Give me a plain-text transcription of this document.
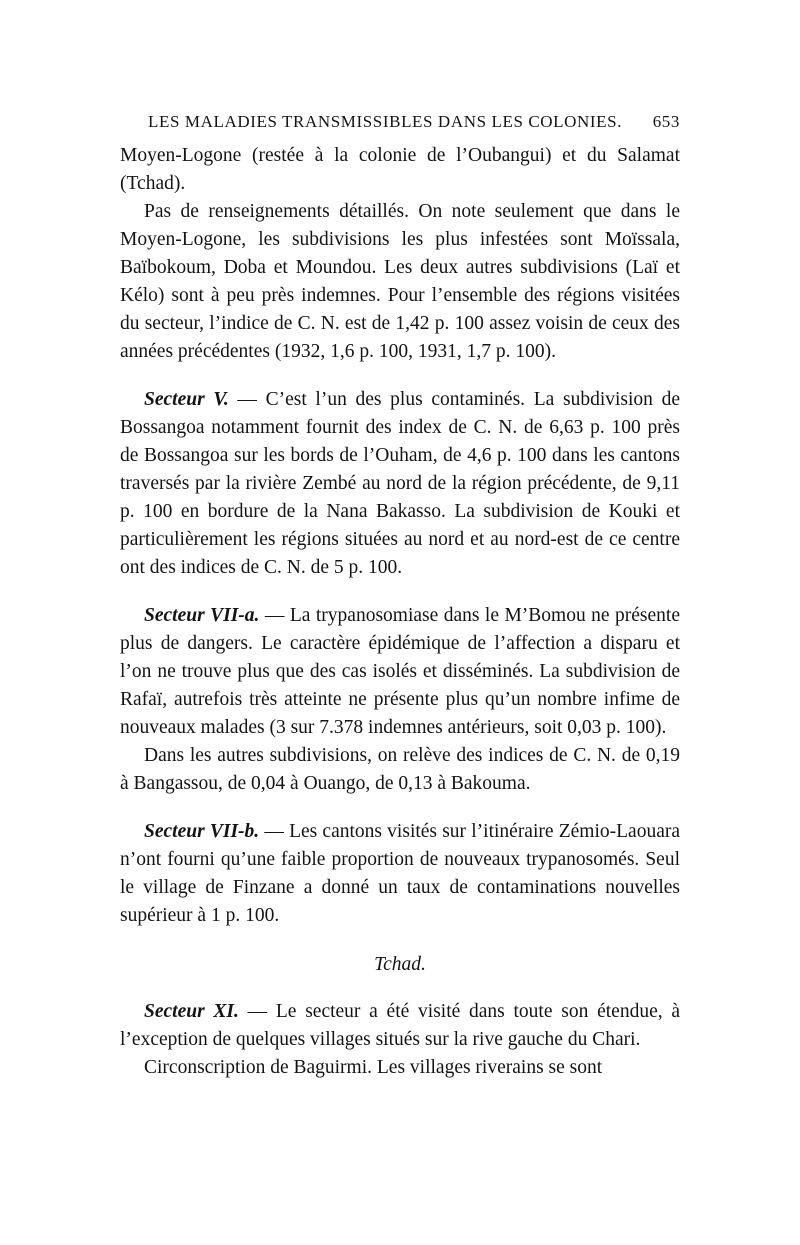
LES MALADIES TRANSMISSIBLES DANS LES COLONIES. 653

Moyen-Logone (restée à la colonie de l’Oubangui) et du Salamat (Tchad).

Pas de renseignements détaillés. On note seulement que dans le Moyen-Logone, les subdivisions les plus infestées sont Moïssala, Baïbokoum, Doba et Moundou. Les deux autres subdivisions (Laï et Kélo) sont à peu près indemnes. Pour l’ensemble des régions visitées du secteur, l’indice de C. N. est de 1,42 p. 100 assez voisin de ceux des années précédentes (1932, 1,6 p. 100, 1931, 1,7 p. 100).

Secteur V. — C’est l’un des plus contaminés. La subdivision de Bossangoa notamment fournit des index de C. N. de 6,63 p. 100 près de Bossangoa sur les bords de l’Ouham, de 4,6 p. 100 dans les cantons traversés par la rivière Zembé au nord de la région précédente, de 9,11 p. 100 en bordure de la Nana Bakasso. La subdivision de Kouki et particulièrement les régions situées au nord et au nord-est de ce centre ont des indices de C. N. de 5 p. 100.

Secteur VII-a. — La trypanosomiase dans le M’Bomou ne présente plus de dangers. Le caractère épidémique de l’affection a disparu et l’on ne trouve plus que des cas isolés et disséminés. La subdivision de Rafaï, autrefois très atteinte ne présente plus qu’un nombre infime de nouveaux malades (3 sur 7.378 indemnes antérieurs, soit 0,03 p. 100).

Dans les autres subdivisions, on relève des indices de C. N. de 0,19 à Bangassou, de 0,04 à Ouango, de 0,13 à Bakouma.

Secteur VII-b. — Les cantons visités sur l’itinéraire Zémio-Laouara n’ont fourni qu’une faible proportion de nouveaux trypanosomés. Seul le village de Finzane a donné un taux de contaminations nouvelles supérieur à 1 p. 100.

Tchad.

Secteur XI. — Le secteur a été visité dans toute son étendue, à l’exception de quelques villages situés sur la rive gauche du Chari.

Circonscription de Baguirmi. Les villages riverains se sont
